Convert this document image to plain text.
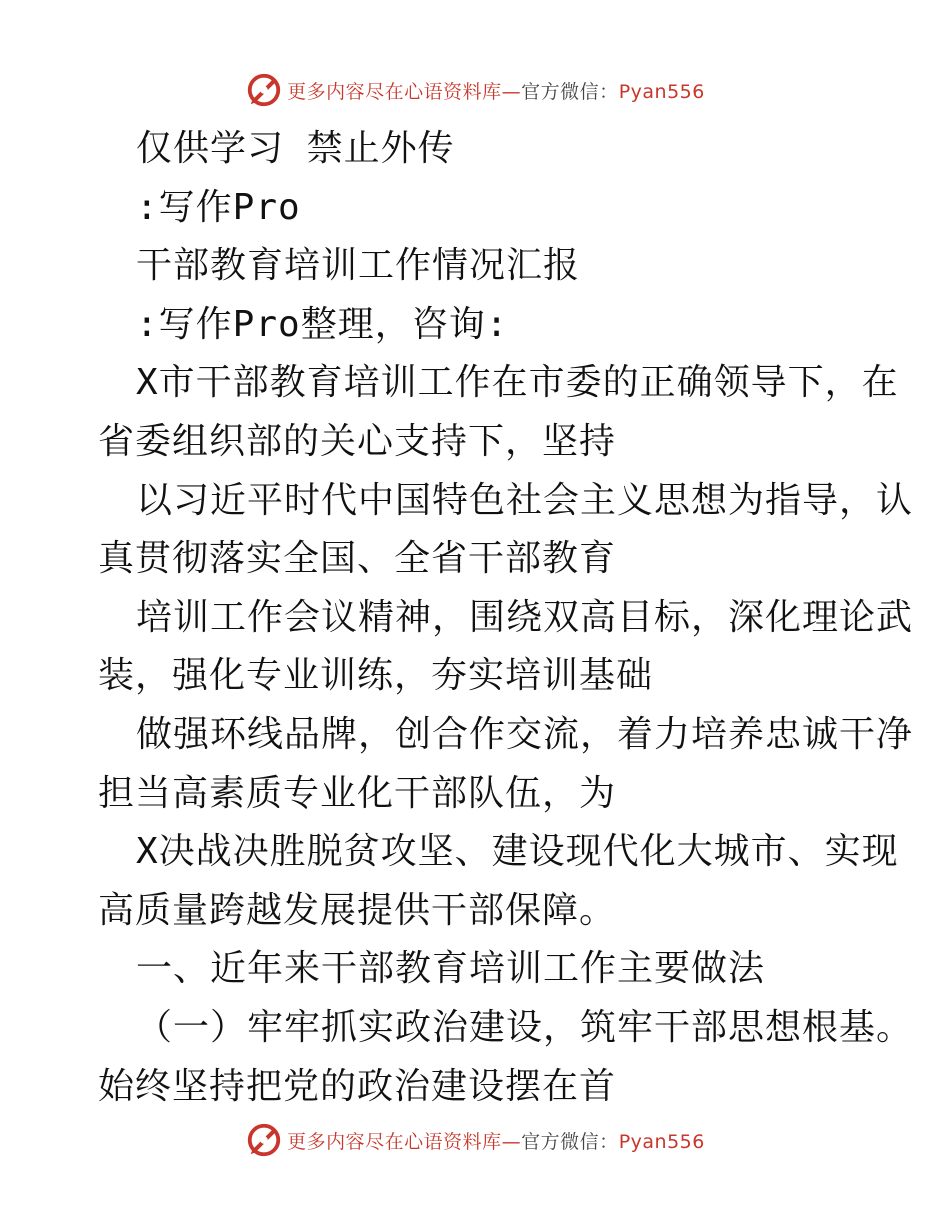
更多内容尽在心语资料库—官方微信：Pyan556
仅供学习 禁止外传
:写作Pro
干部教育培训工作情况汇报
:写作Pro整理，咨询:
X市干部教育培训工作在市委的正确领导下，在
省委组织部的关心支持下，坚持
以习近平时代中国特色社会主义思想为指导，认
真贯彻落实全国、全省干部教育
培训工作会议精神，围绕双高目标，深化理论武
装，强化专业训练，夯实培训基础
做强环线品牌，创合作交流，着力培养忠诚干净
担当高素质专业化干部队伍，为
X决战决胜脱贫攻坚、建设现代化大城市、实现
高质量跨越发展提供干部保障。
一、近年来干部教育培训工作主要做法
（一）牢牢抓实政治建设，筑牢干部思想根基。
始终坚持把党的政治建设摆在首
更多内容尽在心语资料库—官方微信：Pyan556
